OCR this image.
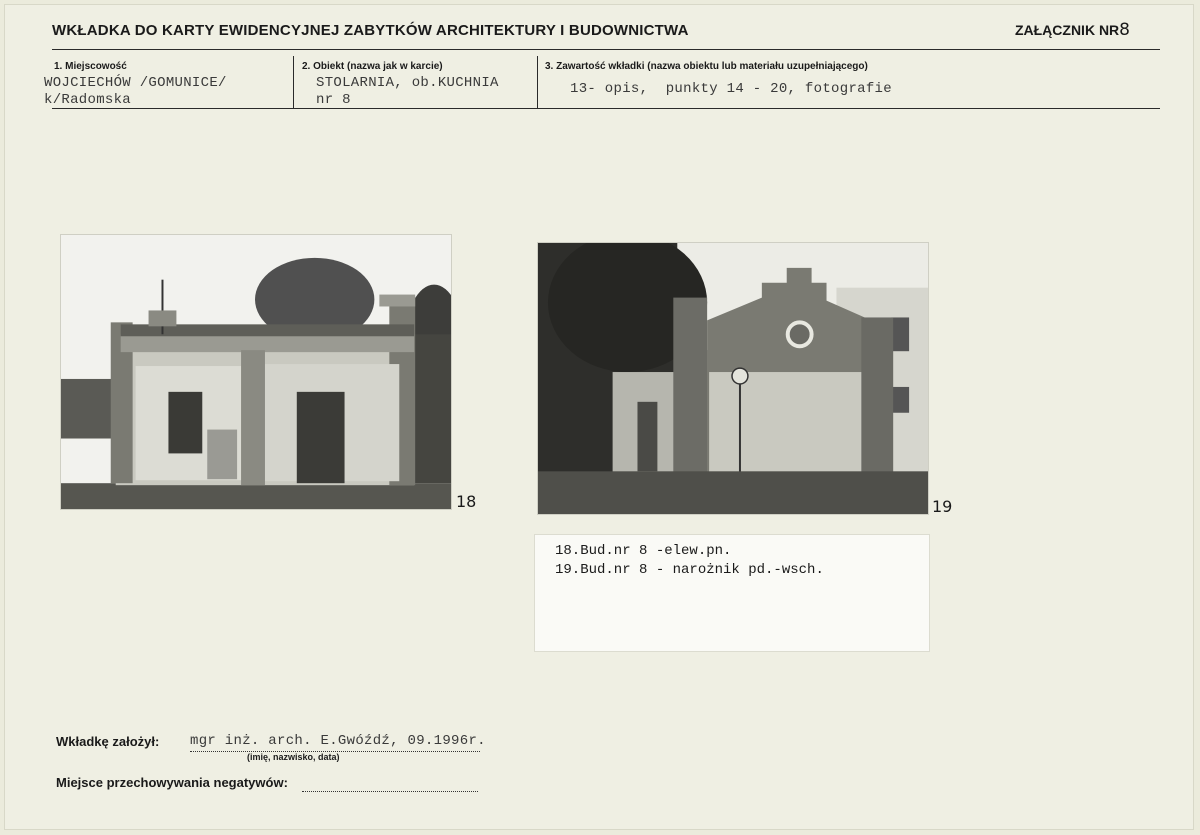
WKŁADKA DO KARTY EWIDENCYJNEJ ZABYTKÓW ARCHITEKTURY I BUDOWNICTWA	ZAŁĄCZNIK NR8
1. Miejscowość
WOJCIECHÓW /GOMUNICE/
k/Radomska
2. Obiekt (nazwa jak w karcie)
STOLARNIA, ob.KUCHNIA
nr 8
3. Zawartość wkładki (nazwa obiektu lub materiału uzupełniającego)
13- opis,  punkty 14 - 20, fotografie
18	19
18.Bud.nr 8 -elew.pn.
19.Bud.nr 8 - narożnik pd.-wsch.
Wkładkę założył: mgr inż. arch. E.Gwóźdź, 09.1996r.
(imię, nazwisko, data)
Miejsce przechowywania negatywów:
